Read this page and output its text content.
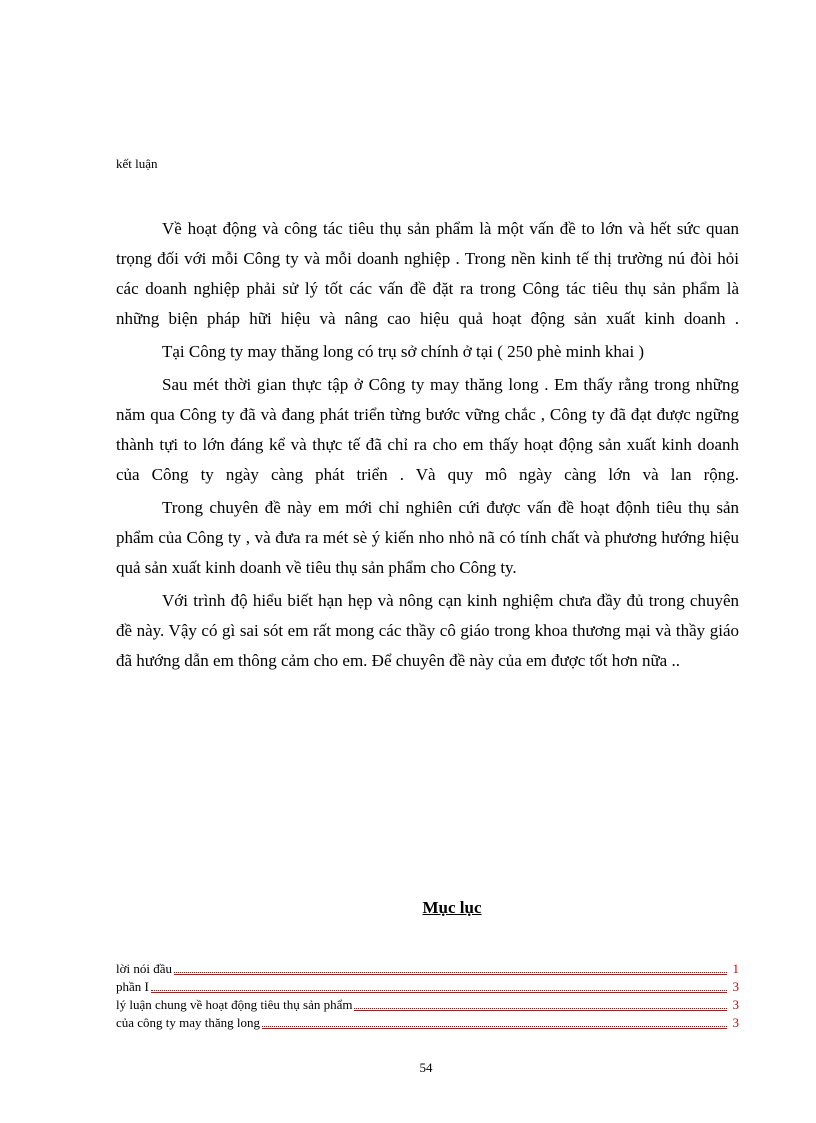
kết luận

Về hoạt động và công tác tiêu thụ sản phẩm là một vấn đề to lớn và hết sức quan trọng đối với mỗi Công ty và mỗi doanh nghiệp . Trong nền kinh tế thị trường nú đòi hỏi các doanh nghiệp phải sử lý tốt các vấn đề đặt ra trong Công tác tiêu thụ sản phẩm là những biện pháp hữi hiệu và nâng cao hiệu quả hoạt động sản xuất kinh doanh .

Tại Công ty may thăng long có trụ sở chính ở tại ( 250 phè minh khai )

Sau mét thời gian thực tập ở Công ty may thăng long . Em thấy rằng trong những năm qua Công ty đã và đang phát triển từng bước vững chắc , Công ty đã đạt được ngững thành tựi to lớn đáng kể và thực tế đã chỉ ra cho em thấy hoạt động sản xuất kinh doanh của Công ty ngày càng phát triển . Và quy mô ngày càng lớn và lan rộng.

Trong chuyên đề này em mới chỉ nghiên cứi được vấn đề hoạt độnh tiêu thụ sản phẩm của Công ty , và đưa ra mét sè ý kiến nho nhỏ nã có tính chất và phương hướng hiệu quả sản xuất kinh doanh về tiêu thụ sản phẩm cho Công ty.

Với trình độ hiểu biết hạn hẹp và nông cạn kinh nghiệm chưa đầy đủ trong chuyên đề này. Vậy có gì sai sót em rất mong các thầy cô giáo trong khoa thương mại và thầy giáo đã hướng dẫn em thông cảm cho em. Để chuyên đề này của em được tốt hơn nữa ..

Mục lục
lời nói đầu	1
phần I	3
lý luận chung về hoạt động tiêu thụ sản phẩm	3
của công ty may thăng long	3
54
